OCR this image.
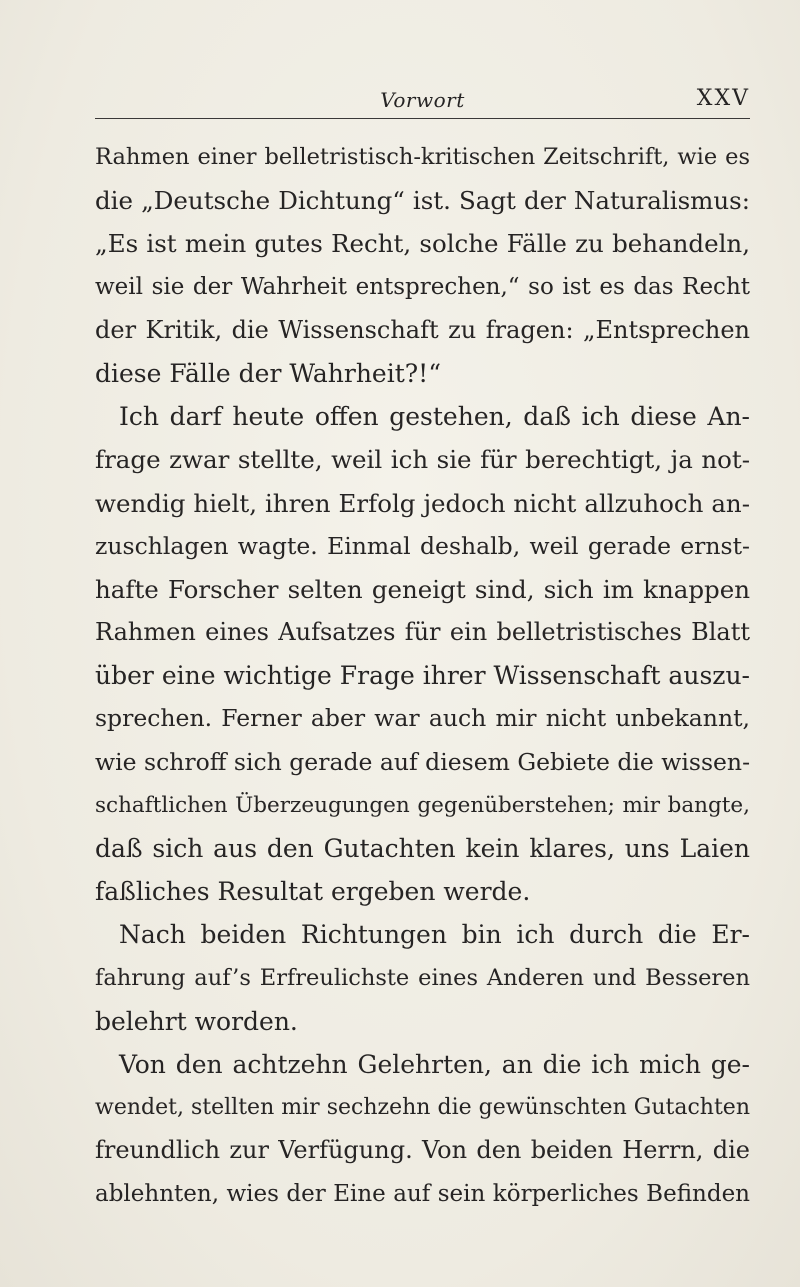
Vorwort	XXV
Rahmen einer belletristisch-kritischen Zeitschrift, wie es
die „Deutsche Dichtung“ ist. Sagt der Naturalismus:
„Es ist mein gutes Recht, solche Fälle zu behandeln,
weil sie der Wahrheit entsprechen,“ so ist es das Recht
der Kritik, die Wissenschaft zu fragen: „Entsprechen
diese Fälle der Wahrheit?!“
Ich darf heute offen gestehen, daß ich diese An-
frage zwar stellte, weil ich sie für berechtigt, ja not-
wendig hielt, ihren Erfolg jedoch nicht allzuhoch an-
zuschlagen wagte. Einmal deshalb, weil gerade ernst-
hafte Forscher selten geneigt sind, sich im knappen
Rahmen eines Aufsatzes für ein belletristisches Blatt
über eine wichtige Frage ihrer Wissenschaft auszu-
sprechen. Ferner aber war auch mir nicht unbekannt,
wie schroff sich gerade auf diesem Gebiete die wissen-
schaftlichen Überzeugungen gegenüberstehen; mir bangte,
daß sich aus den Gutachten kein klares, uns Laien
faßliches Resultat ergeben werde.
Nach beiden Richtungen bin ich durch die Er-
fahrung auf’s Erfreulichste eines Anderen und Besseren
belehrt worden.
Von den achtzehn Gelehrten, an die ich mich ge-
wendet, stellten mir sechzehn die gewünschten Gutachten
freundlich zur Verfügung. Von den beiden Herrn, die
ablehnten, wies der Eine auf sein körperliches Befinden
